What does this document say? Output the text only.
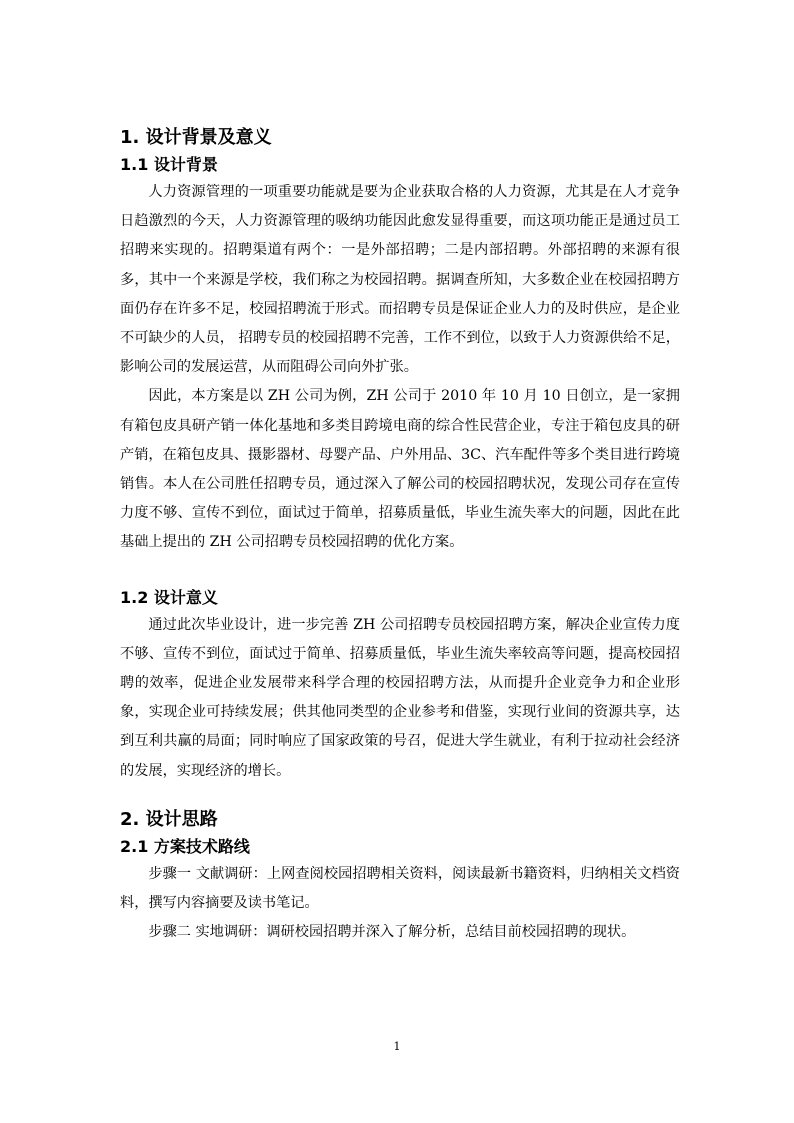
1. 设计背景及意义
1.1 设计背景

人力资源管理的一项重要功能就是要为企业获取合格的人力资源，尤其是在人才竞争日趋激烈的今天，人力资源管理的吸纳功能因此愈发显得重要，而这项功能正是通过员工招聘来实现的。招聘渠道有两个：一是外部招聘；二是内部招聘。外部招聘的来源有很多，其中一个来源是学校，我们称之为校园招聘。据调查所知，大多数企业在校园招聘方面仍存在许多不足，校园招聘流于形式。而招聘专员是保证企业人力的及时供应，是企业不可缺少的人员， 招聘专员的校园招聘不完善，工作不到位，以致于人力资源供给不足，影响公司的发展运营，从而阻碍公司向外扩张。

因此，本方案是以 ZH 公司为例，ZH 公司于 2010 年 10 月 10 日创立，是一家拥有箱包皮具研产销一体化基地和多类目跨境电商的综合性民营企业，专注于箱包皮具的研产销，在箱包皮具、摄影器材、母婴产品、户外用品、3C、汽车配件等多个类目进行跨境销售。本人在公司胜任招聘专员，通过深入了解公司的校园招聘状况，发现公司存在宣传力度不够、宣传不到位，面试过于简单，招募质量低，毕业生流失率大的问题，因此在此基础上提出的 ZH 公司招聘专员校园招聘的优化方案。

1.2 设计意义

通过此次毕业设计，进一步完善 ZH 公司招聘专员校园招聘方案，解决企业宣传力度不够、宣传不到位，面试过于简单、招募质量低，毕业生流失率较高等问题，提高校园招聘的效率，促进企业发展带来科学合理的校园招聘方法，从而提升企业竞争力和企业形象，实现企业可持续发展；供其他同类型的企业参考和借鉴，实现行业间的资源共享，达到互利共赢的局面；同时响应了国家政策的号召，促进大学生就业，有利于拉动社会经济的发展，实现经济的增长。

2. 设计思路
2.1 方案技术路线

步骤一 文献调研：上网查阅校园招聘相关资料，阅读最新书籍资料，归纳相关文档资料，撰写内容摘要及读书笔记。

步骤二 实地调研：调研校园招聘并深入了解分析，总结目前校园招聘的现状。

1
